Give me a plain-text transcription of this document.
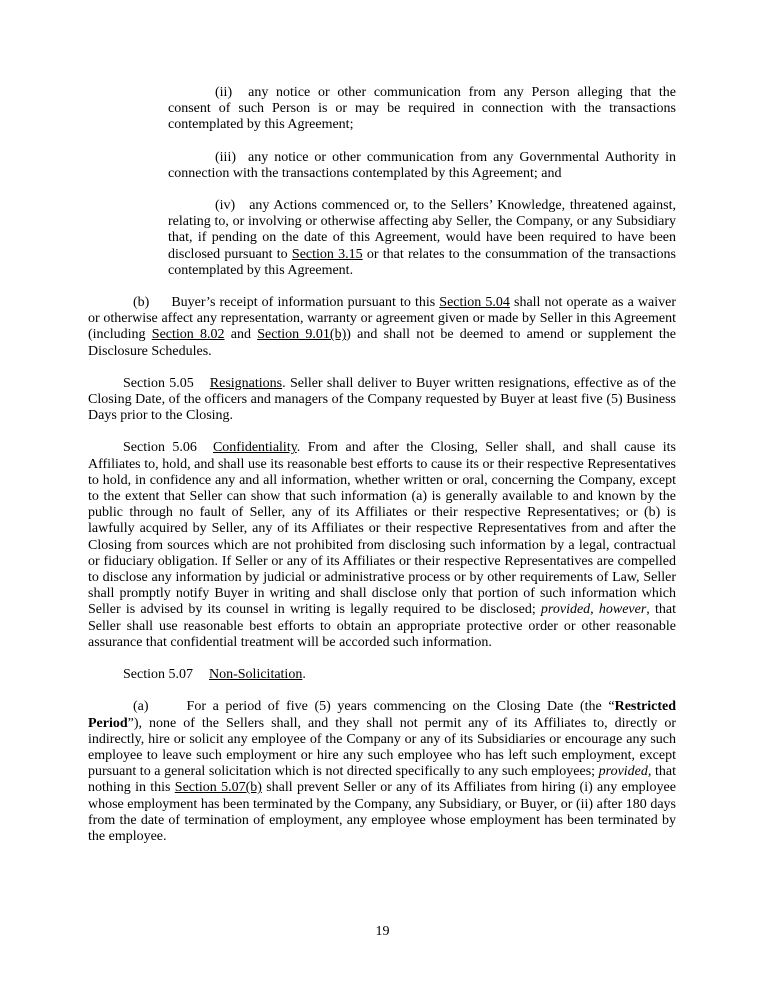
(ii) any notice or other communication from any Person alleging that the consent of such Person is or may be required in connection with the transactions contemplated by this Agreement;

(iii) any notice or other communication from any Governmental Authority in connection with the transactions contemplated by this Agreement; and

(iv) any Actions commenced or, to the Sellers’ Knowledge, threatened against, relating to, or involving or otherwise affecting aby Seller, the Company, or any Subsidiary that, if pending on the date of this Agreement, would have been required to have been disclosed pursuant to Section 3.15 or that relates to the consummation of the transactions contemplated by this Agreement.

(b) Buyer’s receipt of information pursuant to this Section 5.04 shall not operate as a waiver or otherwise affect any representation, warranty or agreement given or made by Seller in this Agreement (including Section 8.02 and Section 9.01(b)) and shall not be deemed to amend or supplement the Disclosure Schedules.

Section 5.05 Resignations. Seller shall deliver to Buyer written resignations, effective as of the Closing Date, of the officers and managers of the Company requested by Buyer at least five (5) Business Days prior to the Closing.

Section 5.06 Confidentiality. From and after the Closing, Seller shall, and shall cause its Affiliates to, hold, and shall use its reasonable best efforts to cause its or their respective Representatives to hold, in confidence any and all information, whether written or oral, concerning the Company, except to the extent that Seller can show that such information (a) is generally available to and known by the public through no fault of Seller, any of its Affiliates or their respective Representatives; or (b) is lawfully acquired by Seller, any of its Affiliates or their respective Representatives from and after the Closing from sources which are not prohibited from disclosing such information by a legal, contractual or fiduciary obligation. If Seller or any of its Affiliates or their respective Representatives are compelled to disclose any information by judicial or administrative process or by other requirements of Law, Seller shall promptly notify Buyer in writing and shall disclose only that portion of such information which Seller is advised by its counsel in writing is legally required to be disclosed; provided, however, that Seller shall use reasonable best efforts to obtain an appropriate protective order or other reasonable assurance that confidential treatment will be accorded such information.

Section 5.07 Non-Solicitation.

(a)	For a period of five (5) years commencing on the Closing Date (the “Restricted Period”), none of the Sellers shall, and they shall not permit any of its Affiliates to, directly or indirectly, hire or solicit any employee of the Company or any of its Subsidiaries or encourage any such employee to leave such employment or hire any such employee who has left such employment, except pursuant to a general solicitation which is not directed specifically to any such employees; provided, that nothing in this Section 5.07(b) shall prevent Seller or any of its Affiliates from hiring (i) any employee whose employment has been terminated by the Company, any Subsidiary, or Buyer, or (ii) after 180 days from the date of termination of employment, any employee whose employment has been terminated by the employee.

19
